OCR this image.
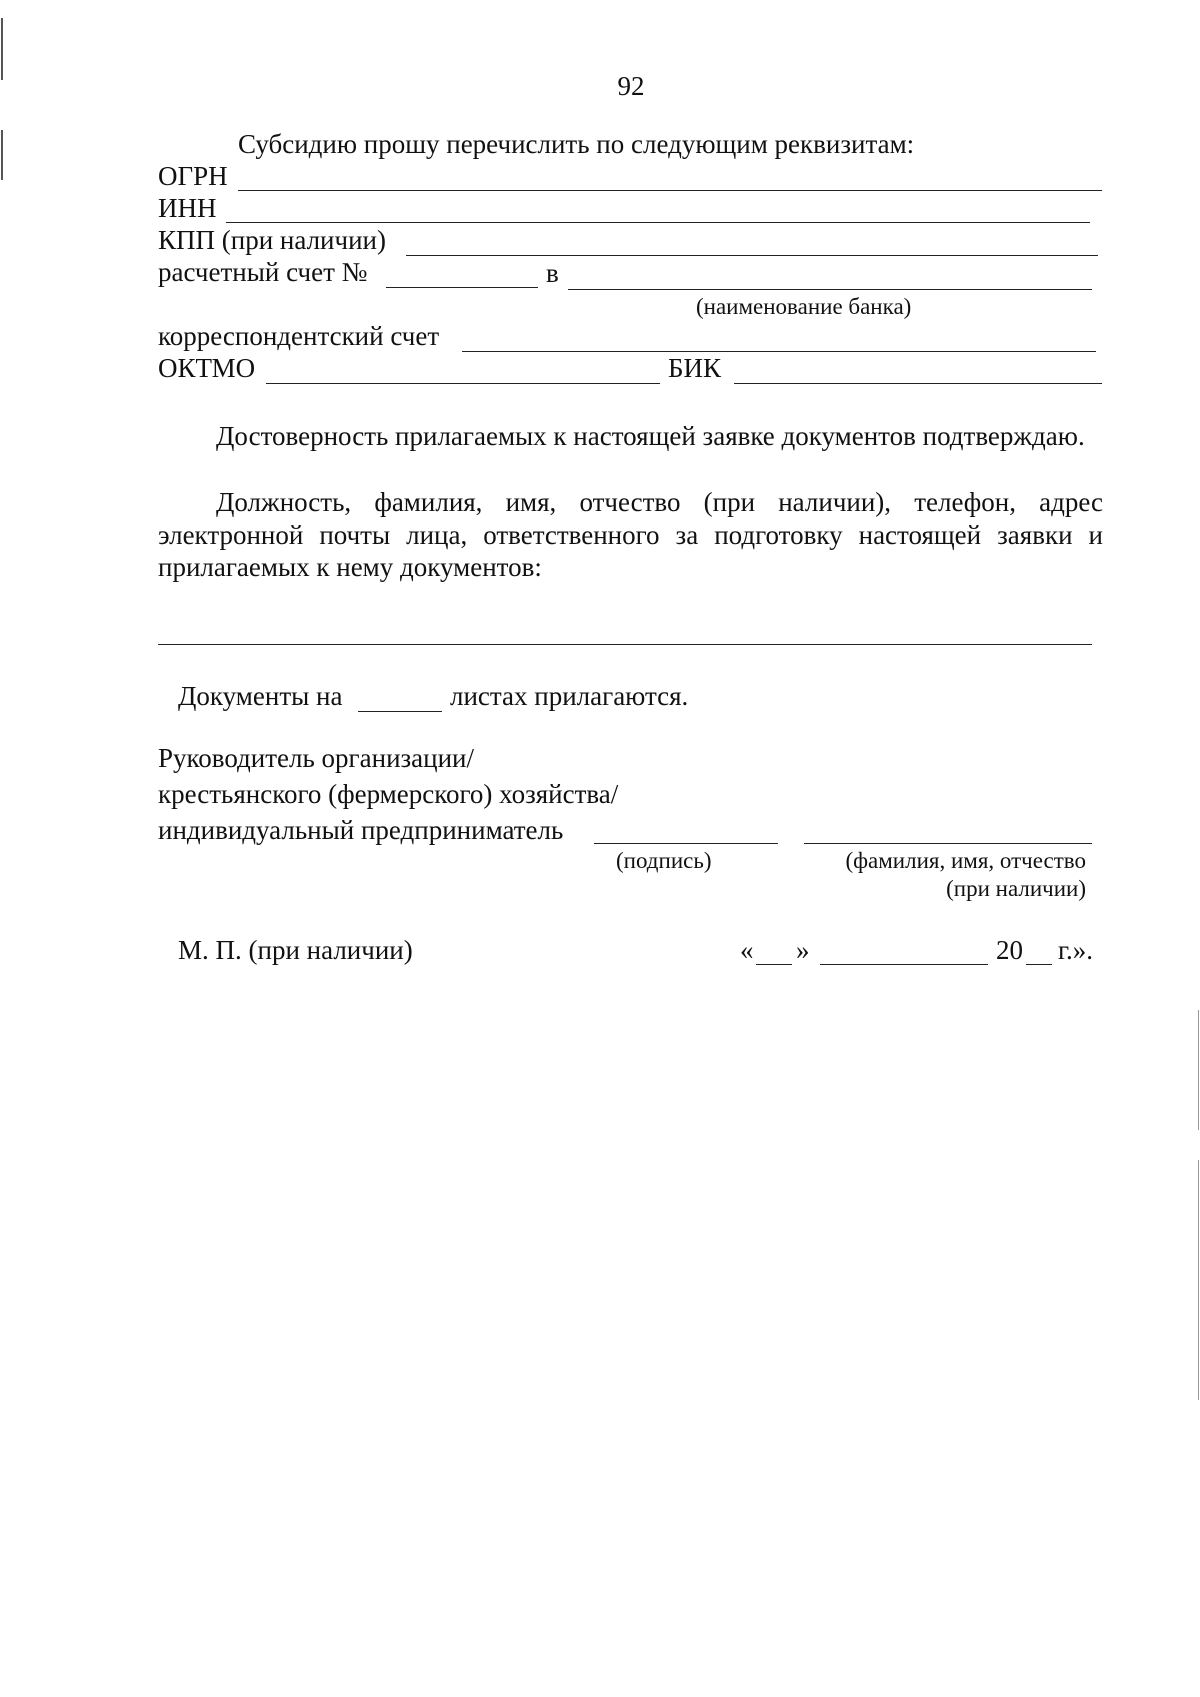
92
Субсидию прошу перечислить по следующим реквизитам:
ОГРН
ИНН
КПП (при наличии)
расчетный счет №	в
(наименование банка)
корреспондентский счет
ОКТМО	БИК

Достоверность прилагаемых к настоящей заявке документов подтверждаю.

Должность, фамилия, имя, отчество (при наличии), телефон, адрес электронной почты лица, ответственного за подготовку настоящей заявки и прилагаемых к нему документов:

Документы на	листах прилагаются.
Руководитель организации/
крестьянского (фермерского) хозяйства/
индивидуальный предприниматель
(подпись)	(фамилия, имя, отчество
(при наличии)
М. П. (при наличии)	« »	20 г.».
